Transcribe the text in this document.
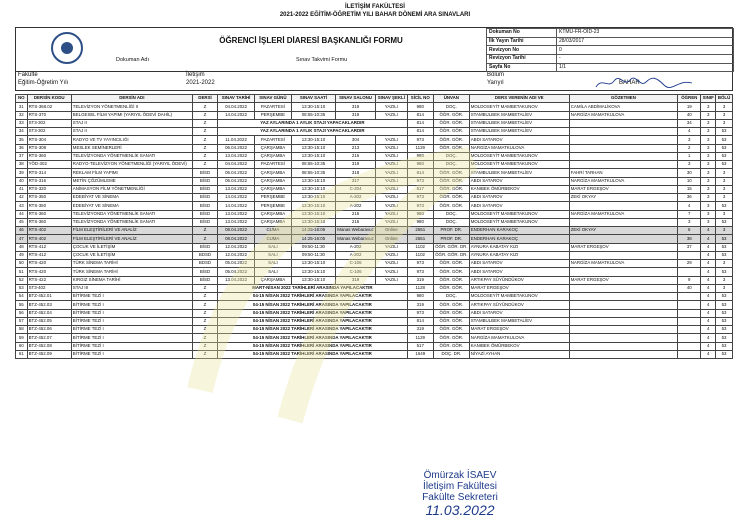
İLETİŞİM FAKÜLTESİ
2021-2022 EĞİTİM-ÖĞRETİM YILI BAHAR DÖNEMİ ARA SINAVLARI
ÖĞRENCİ İŞLERİ DİARESİ BAŞKANLIĞI FORMU
Dokuman Adı	Sınav Takvimi Formu
Dokuman No	KTMU-FR-OİD-23
İlk Yayın Tarihi	28/03/2017
Revizyon No	0
Revizyon Tarihi	-
Sayfa No	1/1
Fakülte	İletişim
Eğitim-Öğretim Yılı	2021-2022
Bölüm
Yarıyıl	BAHAR
NO	DERSİN KODU	DERSİN ADI	DERSİ	SINAV TARİHİ	SINAV GÜNÜ	SINAV SAATİ	SINAV SALONU	SINAV ŞEKLİ	SİCİL NO	ÜNVAN	DERS VERENİN ADI VE	GÖZETMEN	ÖĞREN	SINIF	BÖLÜ
31	RTS-368.02	TELEVİZYON YÖNETMENLİĞİ II	Z	04.04.2022	PAZARTESİ	13:30-15:10	319	YAZILI	980	DOÇ.	MOLDOSEYİT MAMBETAKUNOV	CAMİLA ABDİMALİKOVA	19	3	3
32	RTS-370	BELGESEL FİLM YAPIMI (YARIYIL ÖDEVİ DAHİL)	Z	14.04.2022	PERŞEMBE	08:55-10:35	319	YAZILI	814	ÖĞR. GÖR.	STAMBULBEK MAMBETALİEV	NARGİZA MAMATKULOVA	40	3	3
33	ST3-302	STAJ II	Z	YAZ AYLARINDA 1 AYLIK STAJI YAPACAKLARDIR					814	ÖĞR. GÖR.	STAMBULBEK MAMBETALİEV		34	3	3
34	ST3-302	STAJ II	Z	YAZ AYLARINDA 1 AYLIK STAJI YAPACAKLARDIR					814	ÖĞR. GÖR.	STAMBULBEK MAMBETALİEV		4	3	53
35	RTS-304	RADYO VE TV YAYINCILIĞI	Z	11.04.2022	PAZARTESİ	13:30-15:10	304	YAZILI	973	ÖĞR. GÖR.	ABDI SATAROV		3	3	53
36	RTS-308	MESLEK SEMİNERLERİ	Z	06.04.2022	ÇARŞAMBA	13:30-15:10	213	YAZILI	1129	ÖĞR. GÖR.	NARGİZA MAMATKULOVA		2	3	53
37	RTS-360	TELEVİZYONDA YÖNETMENLİK SANATI	Z	13.04.2022	ÇARŞAMBA	13:30-15:10	216	YAZILI	980	DOÇ.	MOLDOSEYİT MAMBETAKUNOV		1	3	53
38	YÖD-302	RADYO-TELEVİZYON YÖNETMENLİĞİ (YARIYIL ÖDEVİ)	Z	04.04.2022	PAZARTESİ	08:55-10:35	319	YAZILI	980	DOÇ.	MOLDOSEYİT MAMBETAKUNOV		3	3	53
39	RTS-314	REKLAM FİLM YAPIMI	BİSD	06.04.2022	ÇARŞAMBA	08:55-10:35	318	YAZILI	814	ÖĞR. GÖR.	STAMBULBEK MAMBETALİEV	FAHRİ TARHAN	30	3	3
40	RTS-316	METİN ÇÖZÜMLEME	BİSD	06.04.2022	ÇARŞAMBA	13:30-15:10	317	YAZILI	973	ÖĞR. GÖR.	ABDI SATAROV	NARGİZA MAMATKULOVA	10	3	3
41	RTS-320	ANİMASYON FİLM YÖNETMENLİĞİ	BİSD	13.04.2022	ÇARŞAMBA	13:30-15:10	C-204	YAZILI	517	ÖĞR. GÖR.	KANIBEK ÖMÜRBEKOV	MARAT ERGEŞOV	15	3	3
42	RTS-350	EDEBİYAT VE SİNEMA	BİSD	14.04.2022	PERŞEMBE	13:30-15:10	A-202	YAZILI	973	ÖĞR. GÖR.	ABDI SATAROV	ZEKİ OKYAY	36	3	3
43	RTS-350	EDEBİYAT VE SİNEMA	BİSD	14.04.2022	PERŞEMBE	13:30-15:10	A-202	YAZILI	973	ÖĞR. GÖR.	ABDI SATAROV		4	3	53
44	RTS-360	TELEVİZYONDA YÖNETMENLİK SANATI	BİSD	13.04.2022	ÇARŞAMBA	13:30-15:10	216	YAZILI	980	DOÇ.	MOLDOSEYİT MAMBETAKUNOV	NARGİZA MAMATKULOVA	7	3	3
45	RTS-360	TELEVİZYONDA YÖNETMENLİK SANATI	BİSD	13.04.2022	ÇARŞAMBA	13:30-15:10	216	YAZILI	980	DOÇ.	MOLDOSEYİT MAMBETAKUNOV		3	3	53
46	RTS-402	FİLM ELEŞTİRİLERİ VE ANALİZ	Z	08.04.2022	CUMA	14:25-16:05	Manas Webaravuz	Online	2551	PROF. DR.	ENDERHAN KARAKOÇ	ZEKİ OKYAY	6	4	3
47	RTS-402	FİLM ELEŞTİRİLERİ VE ANALİZ	Z	08.04.2022	CUMA	14:25-16:05	Manas Webaravuz	Online	2551	PROF. DR.	ENDERHAN KARAKOÇ		38	4	53
48	RTS-412	ÇOCUK VE İLETİŞİM	BİSD	12.04.2022	SALI	09:50-11:30	A-202	YAZILI	1102	ÖĞR. GÖR. DR.	AYNURA KABATAY KIZI	MARAT ERGEŞOV	37	4	53
49	RTS-412	ÇOCUK VE İLETİŞİM	BDSD	12.04.2022	SALI	09:50-11:30	A-202	YAZILI	1102	ÖĞR. GÖR. DR.	AYNURA KABATAY KIZI			4	53
50	RTS-420	TÜRK SİNEMA TARİHİ	BDSD	05.04.2022	SALI	13:30-15:10	C-106	YAZILI	973	ÖĞR. GÖR.	ABDI SATAROV	NARGİZA MAMATKULOVA	29	4	3
51	RTS-420	TÜRK SİNEMA TARİHİ	BİSD	05.04.2022	SALI	13:30-15:10	C-106	YAZILI	973	ÖĞR. GÖR.	ABDI SATAROV			4	53
52	RTS-422	KIRGIZ SİNEMA TARİHİ	BİSD	13.04.2022	ÇARŞAMBA	13:30-15:10	319	YAZILI	319	ÖĞR. GÖR.	ARTIKPAY SÜYÜNDÜKOV	MARAT ERGEŞOV	9	4	3
53	ST3-402	STAJ III	Z	MART-NİSAN 2022 TARİHLERİ ARASINDA YAPILACAKTIR					1128	ÖĞR. GÖR.	MARAT ERGEŞOV		40	4	3
54	BTZ-452.01	BİTİRME TEZİ I	Z	04-15 NİSAN 2022 TARİHLERİ ARASINDA YAPILACAKTIR					980	DOÇ.	MOLDOSEYİT MAMBETAKUNOV			4	53
55	BTZ-452.03	BİTİRME TEZİ I	Z	04-15 NİSAN 2022 TARİHLERİ ARASINDA YAPILACAKTIR					319	ÖĞR. GÖR.	ARTIKPAY SÜYÜNDÜKOV			4	53
56	BTZ-452.04	BİTİRME TEZİ I	Z	04-15 NİSAN 2022 TARİHLERİ ARASINDA YAPILACAKTIR					973	ÖĞR. GÖR.	ABDI SATAROV			4	53
57	BTZ-452.05	BİTİRME TEZİ I	Z	04-15 NİSAN 2022 TARİHLERİ ARASINDA YAPILACAKTIR					814	ÖĞR. GÖR.	STAMBULBEK MAMBETALİEV			4	53
58	BTZ-452.06	BİTİRME TEZİ I	Z	04-15 NİSAN 2022 TARİHLERİ ARASINDA YAPILACAKTIR					319	ÖĞR. GÖR.	MARAT ERGEŞOV			4	53
59	BTZ-452.07	BİTİRME TEZİ I	Z	04-15 NİSAN 2022 TARİHLERİ ARASINDA YAPILACAKTIR					1129	ÖĞR. GÖR.	NARGİZA MAMATKULOVA			4	53
60	BTZ-452.08	BİTİRME TEZİ I	Z	04-15 NİSAN 2022 TARİHLERİ ARASINDA YAPILACAKTIR					517	ÖĞR. GÖR.	KANIBEK ÖMÜRBEKOV			4	53
61	BTZ-452.09	BİTİRME TEZİ I	Z	04-15 NİSAN 2022 TARİHLERİ ARASINDA YAPILACAKTIR					1649	DOÇ. DR.	NİYAZİ AYHAN			4	53
Ömürzak İSAEV
İletişim Fakültesi
Fakülte Sekreteri
11.03.2022
